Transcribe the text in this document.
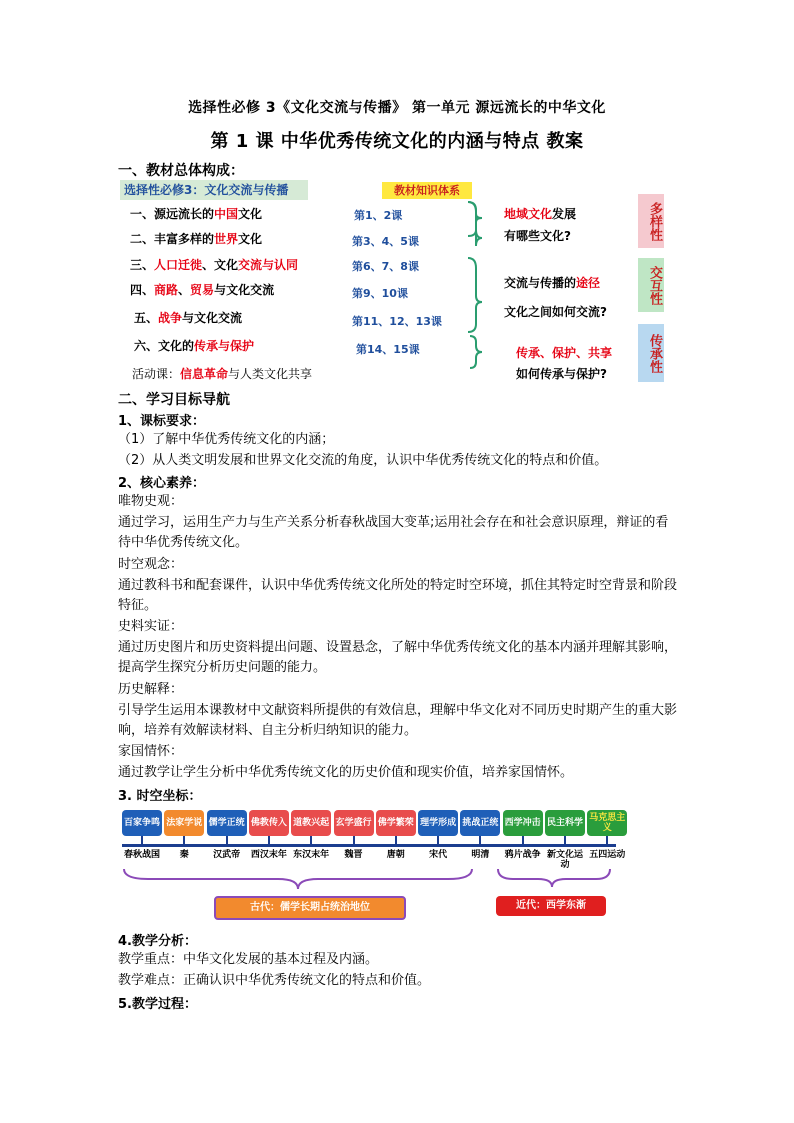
选择性必修 3《文化交流与传播》 第一单元 源远流长的中华文化
第 1 课 中华优秀传统文化的内涵与特点 教案
一、教材总体构成：
选择性必修3：文化交流与传播	教材知识体系
一、源远流长的中国文化	第1、2课
二、丰富多样的世界文化	第3、4、5课
三、人口迁徙、文化交流与认同	第6、7、8课
四、商路、贸易与文化交流	第9、10课
五、战争与文化交流	第11、12、13课
六、文化的传承与保护	第14、15课
活动课：信息革命与人类文化共享
地域文化发展
有哪些文化?
交流与传播的途径
文化之间如何交流?
传承、保护、共享
如何传承与保护?
多样性
交互性
传承性
二、学习目标导航
1、课标要求：
（1）了解中华优秀传统文化的内涵；
（2）从人类文明发展和世界文化交流的角度，认识中华优秀传统文化的特点和价值。
2、核心素养：
唯物史观：
通过学习，运用生产力与生产关系分析春秋战国大变革;运用社会存在和社会意识原理，辩证的看待中华优秀传统文化。
时空观念：
通过教科书和配套课件，认识中华优秀传统文化所处的特定时空环境，抓住其特定时空背景和阶段特征。
史料实证：
通过历史图片和历史资料提出问题、设置悬念，了解中华优秀传统文化的基本内涵并理解其影响，提高学生探究分析历史问题的能力。
历史解释：
引导学生运用本课教材中文献资料所提供的有效信息，理解中华文化对不同历史时期产生的重大影响，培养有效解读材料、自主分析归纳知识的能力。
家国情怀：
通过教学让学生分析中华优秀传统文化的历史价值和现实价值，培养家国情怀。
3. 时空坐标：
古代：儒学长期占统治地位	近代：西学东渐
百家争鸣
春秋战国
法家学说
秦
儒学正统
汉武帝
佛教传入
西汉末年
道教兴起
东汉末年
玄学盛行
魏晋
佛学繁荣
唐朝
理学形成
宋代
挑战正统
明清
西学冲击
鸦片战争
民主科学
新文化运动
马克思主义
五四运动
4.教学分析：
教学重点：中华文化发展的基本过程及内涵。
教学难点：正确认识中华优秀传统文化的特点和价值。
5.教学过程：
